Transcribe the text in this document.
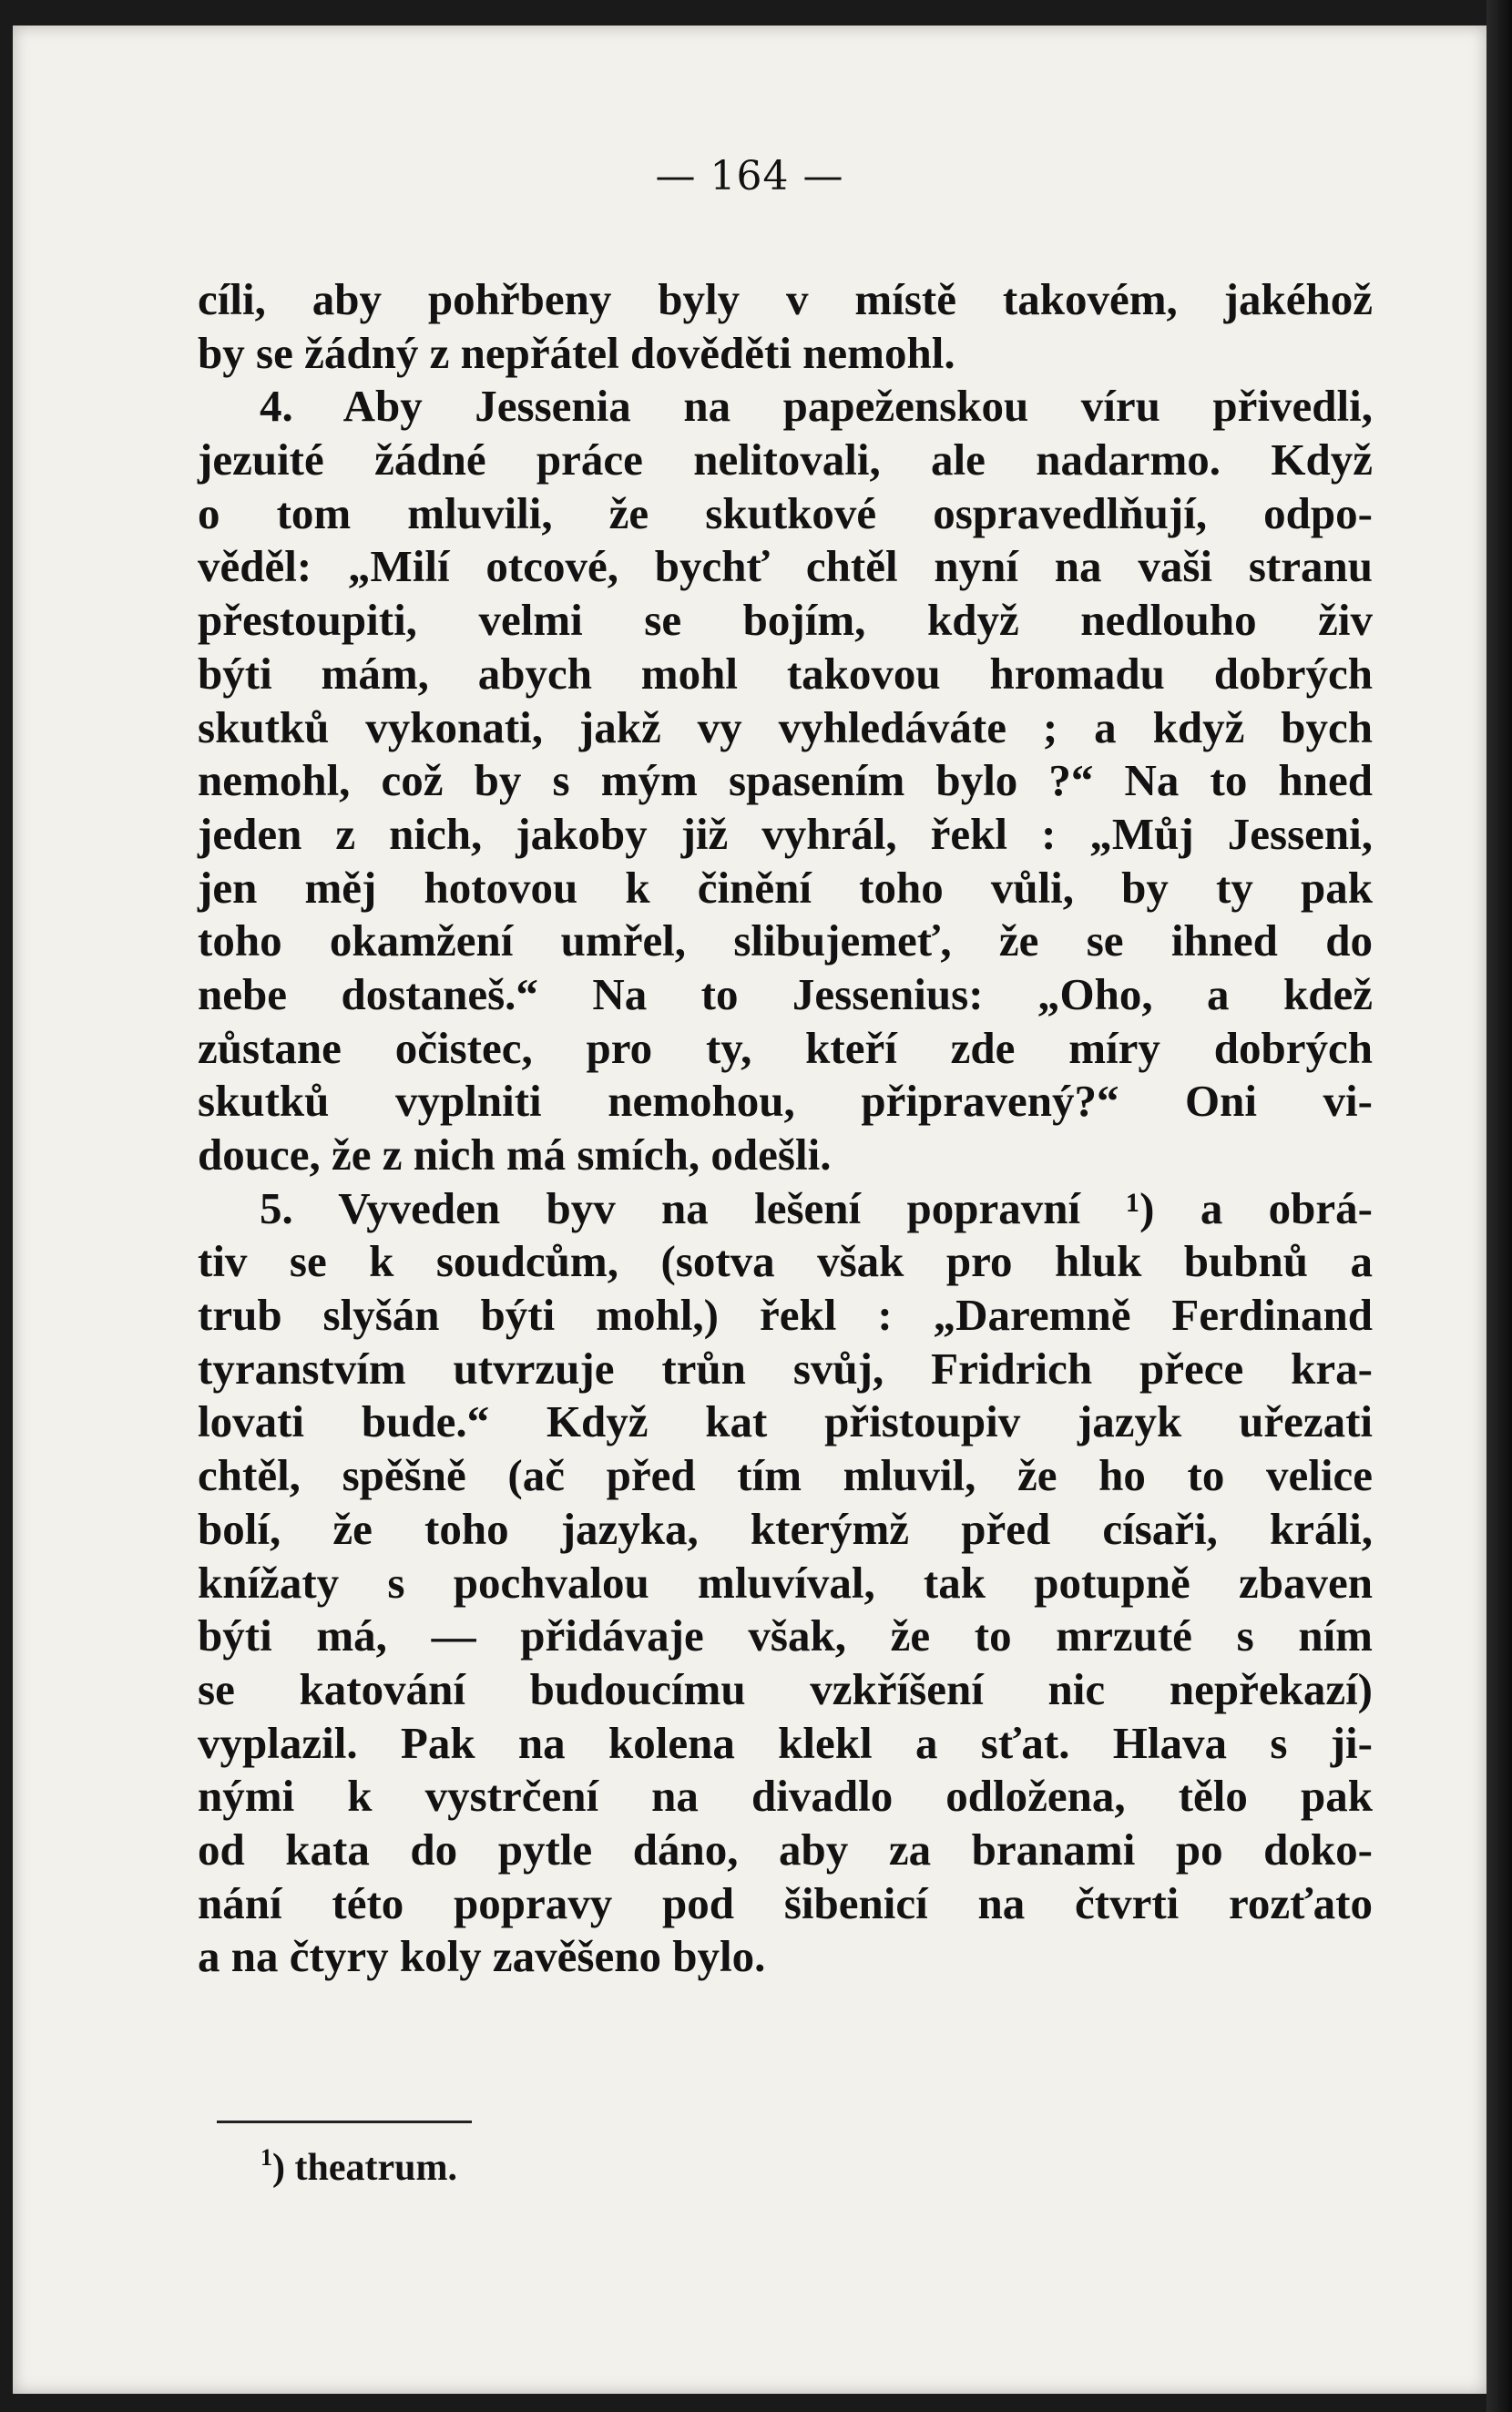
— 164 —
cíli, aby pohřbeny byly v místě takovém, jakéhož
by se žádný z nepřátel dověděti nemohl.
4. Aby Jessenia na papeženskou víru přivedli,
jezuité žádné práce nelitovali, ale nadarmo. Když
o tom mluvili, že skutkové ospravedlňují, odpo-
věděl: „Milí otcové, bychť chtěl nyní na vaši stranu
přestoupiti, velmi se bojím, když nedlouho živ
býti mám, abych mohl takovou hromadu dobrých
skutků vykonati, jakž vy vyhledáváte ; a když bych
nemohl, což by s mým spasením bylo ?“ Na to hned
jeden z nich, jakoby již vyhrál, řekl : „Můj Jesseni,
jen měj hotovou k činění toho vůli, by ty pak
toho okamžení umřel, slibujemeť, že se ihned do
nebe dostaneš.“ Na to Jessenius: „Oho, a kdež
zůstane očistec, pro ty, kteří zde míry dobrých
skutků vyplniti nemohou, připravený?“ Oni vi-
douce, že z nich má smích, odešli.
5. Vyveden byv na lešení popravní ¹) a obrá-
tiv se k soudcům, (sotva však pro hluk bubnů a
trub slyšán býti mohl,) řekl : „Daremně Ferdinand
tyranstvím utvrzuje trůn svůj, Fridrich přece kra-
lovati bude.“ Když kat přistoupiv jazyk uřezati
chtěl, spěšně (ač před tím mluvil, že ho to velice
bolí, že toho jazyka, kterýmž před císaři, králi,
knížaty s pochvalou mluvíval, tak potupně zbaven
býti má, — přidávaje však, že to mrzuté s ním
se katování budoucímu vzkříšení nic nepřekazí)
vyplazil. Pak na kolena klekl a sťat. Hlava s ji-
nými k vystrčení na divadlo odložena, tělo pak
od kata do pytle dáno, aby za branami po doko-
nání této popravy pod šibenicí na čtvrti rozťato
a na čtyry koly zavěšeno bylo.
$^1$) theatrum.
